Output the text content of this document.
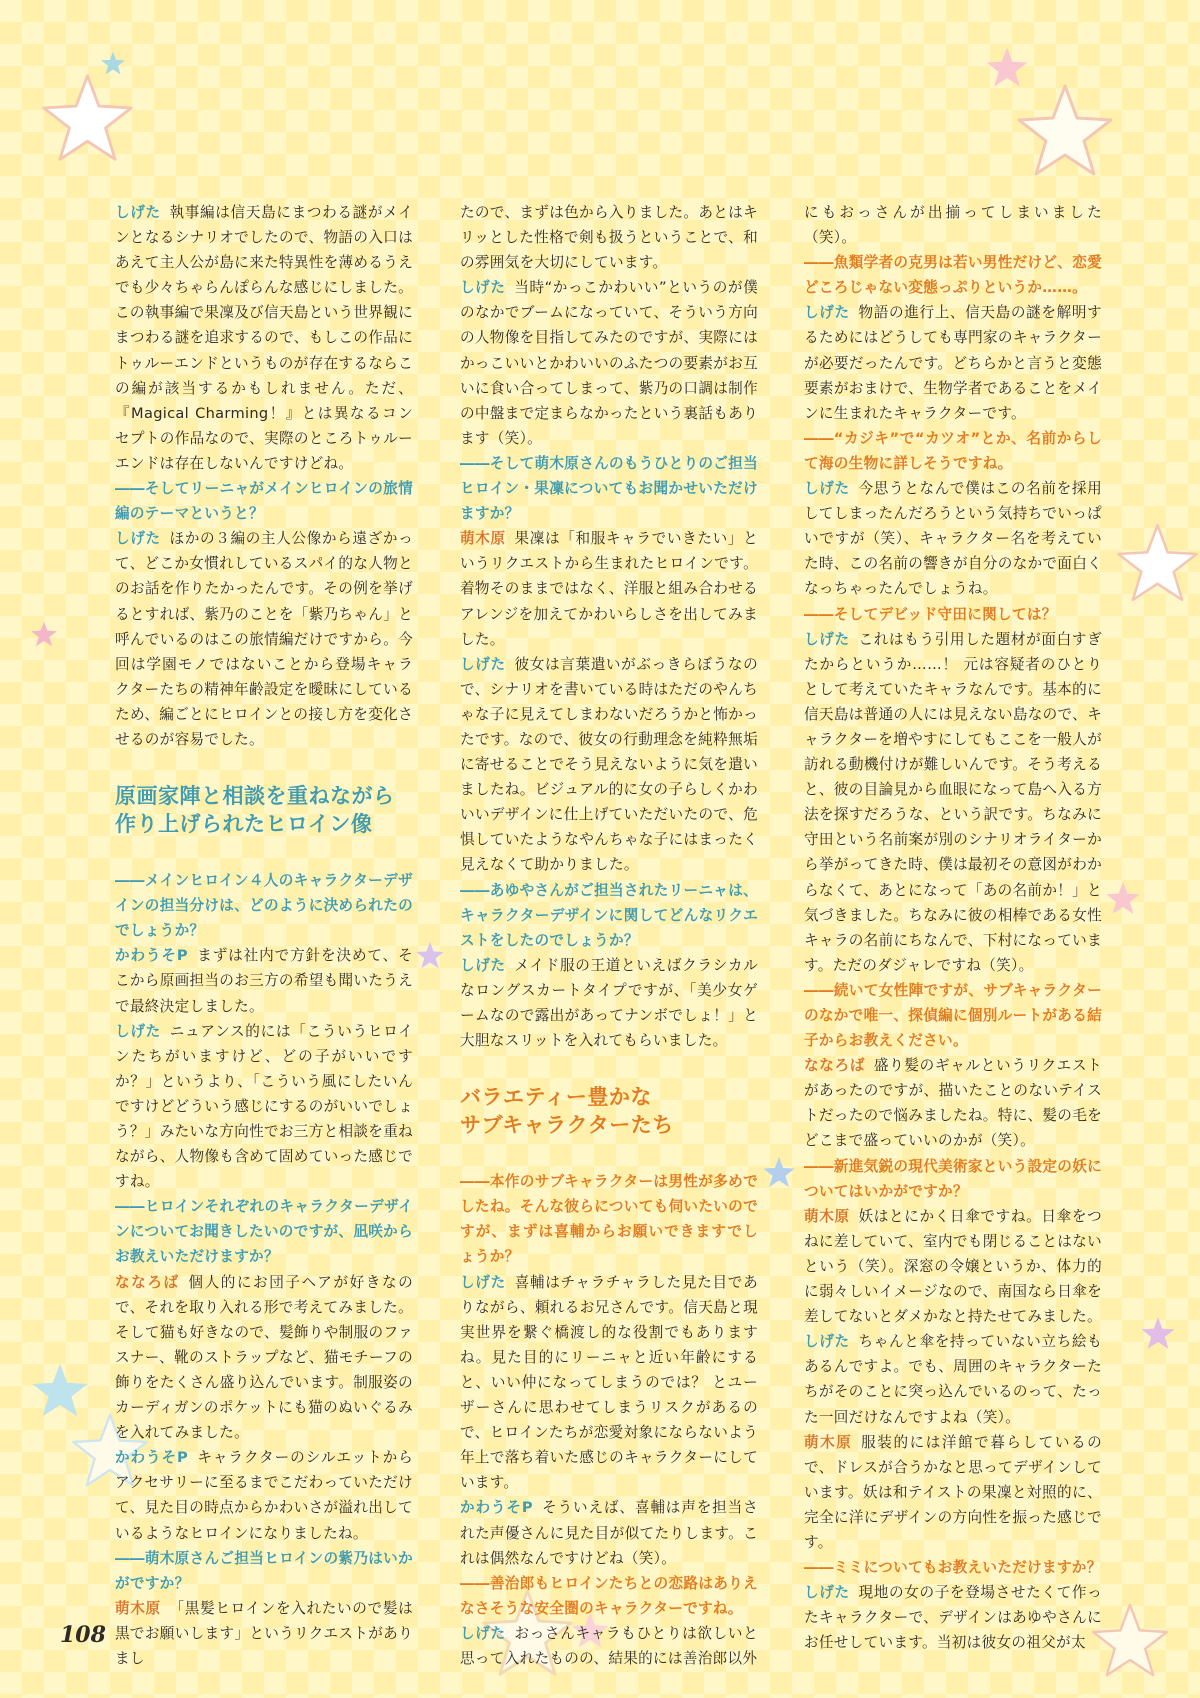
しげた 執事編は信天島にまつわる謎がメインとなるシナリオでしたので、物語の入口はあえて主人公が島に来た特異性を薄めるうえでも少々ちゃらんぽらんな感じにしました。この執事編で果凜及び信天島という世界観にまつわる謎を追求するので、もしこの作品にトゥルーエンドというものが存在するならこの編が該当するかもしれません。ただ、『Magical Charming！』とは異なるコンセプトの作品なので、実際のところトゥルーエンドは存在しないんですけどね。

――そしてリーニャがメインヒロインの旅情編のテーマというと？

しげた ほかの３編の主人公像から遠ざかって、どこか女慣れしているスパイ的な人物とのお話を作りたかったんです。その例を挙げるとすれば、紫乃のことを「紫乃ちゃん」と呼んでいるのはこの旅情編だけですから。今回は学園モノではないことから登場キャラクターたちの精神年齢設定を曖昧にしているため、編ごとにヒロインとの接し方を変化させるのが容易でした。

原画家陣と相談を重ねながら
作り上げられたヒロイン像

――メインヒロイン４人のキャラクターデザインの担当分けは、どのように決められたのでしょうか？

かわうそP まずは社内で方針を決めて、そこから原画担当のお三方の希望も聞いたうえで最終決定しました。

しげた ニュアンス的には「こういうヒロインたちがいますけど、どの子がいいですか？」というより、「こういう風にしたいんですけどどういう感じにするのがいいでしょう？」みたいな方向性でお三方と相談を重ねながら、人物像も含めて固めていった感じですね。

――ヒロインそれぞれのキャラクターデザインについてお聞きしたいのですが、凪咲からお教えいただけますか？

ななろば 個人的にお団子ヘアが好きなので、それを取り入れる形で考えてみました。そして猫も好きなので、髪飾りや制服のファスナー、靴のストラップなど、猫モチーフの飾りをたくさん盛り込んでいます。制服姿のカーディガンのポケットにも猫のぬいぐるみを入れてみました。

かわうそP キャラクターのシルエットからアクセサリーに至るまでこだわっていただけて、見た目の時点からかわいさが溢れ出しているようなヒロインになりましたね。

――萌木原さんご担当ヒロインの紫乃はいかがですか？

萌木原 「黒髪ヒロインを入れたいので髪は黒でお願いします」というリクエストがありまし

たので、まずは色から入りました。あとはキリッとした性格で剣も扱うということで、和の雰囲気を大切にしています。

しげた 当時“かっこかわいい”というのが僕のなかでブームになっていて、そういう方向の人物像を目指してみたのですが、実際にはかっこいいとかわいいのふたつの要素がお互いに食い合ってしまって、紫乃の口調は制作の中盤まで定まらなかったという裏話もあります（笑）。

――そして萌木原さんのもうひとりのご担当ヒロイン・果凜についてもお聞かせいただけますか？

萌木原 果凜は「和服キャラでいきたい」というリクエストから生まれたヒロインです。着物そのままではなく、洋服と組み合わせるアレンジを加えてかわいらしさを出してみました。

しげた 彼女は言葉遣いがぶっきらぼうなので、シナリオを書いている時はただのやんちゃな子に見えてしまわないだろうかと怖かったです。なので、彼女の行動理念を純粋無垢に寄せることでそう見えないように気を遣いましたね。ビジュアル的に女の子らしくかわいいデザインに仕上げていただいたので、危惧していたようなやんちゃな子にはまったく見えなくて助かりました。

――あゆやさんがご担当されたリーニャは、キャラクターデザインに関してどんなリクエストをしたのでしょうか？

しげた メイド服の王道といえばクラシカルなロングスカートタイプですが、「美少女ゲームなので露出があってナンボでしょ！」と大胆なスリットを入れてもらいました。

バラエティー豊かな
サブキャラクターたち

――本作のサブキャラクターは男性が多めでしたね。そんな彼らについても伺いたいのですが、まずは喜輔からお願いできますでしょうか？

しげた 喜輔はチャラチャラした見た目でありながら、頼れるお兄さんです。信天島と現実世界を繋ぐ橋渡し的な役割でもありますね。見た目的にリーニャと近い年齢にすると、いい仲になってしまうのでは？ とユーザーさんに思わせてしまうリスクがあるので、ヒロインたちが恋愛対象にならないよう年上で落ち着いた感じのキャラクターにしています。

かわうそP そういえば、喜輔は声を担当された声優さんに見た目が似てたりします。これは偶然なんですけどね（笑）。

――善治郎もヒロインたちとの恋路はありえなさそうな安全圏のキャラクターですね。

しげた おっさんキャラもひとりは欲しいと思って入れたものの、結果的には善治郎以外

にもおっさんが出揃ってしまいました（笑）。

――魚類学者の克男は若い男性だけど、恋愛どころじゃない変態っぷりというか……。

しげた 物語の進行上、信天島の謎を解明するためにはどうしても専門家のキャラクターが必要だったんです。どちらかと言うと変態要素がおまけで、生物学者であることをメインに生まれたキャラクターです。

――“カジキ”で“カツオ”とか、名前からして海の生物に詳しそうですね。

しげた 今思うとなんで僕はこの名前を採用してしまったんだろうという気持ちでいっぱいですが（笑）、キャラクター名を考えていた時、この名前の響きが自分のなかで面白くなっちゃったんでしょうね。

――そしてデビッド守田に関しては？

しげた これはもう引用した題材が面白すぎたからというか……！ 元は容疑者のひとりとして考えていたキャラなんです。基本的に信天島は普通の人には見えない島なので、キャラクターを増やすにしてもここを一般人が訪れる動機付けが難しいんです。そう考えると、彼の目論見から血眼になって島へ入る方法を探すだろうな、という訳です。ちなみに守田という名前案が別のシナリオライターから挙がってきた時、僕は最初その意図がわからなくて、あとになって「あの名前か！」と気づきました。ちなみに彼の相棒である女性キャラの名前にちなんで、下村になっています。ただのダジャレですね（笑）。

――続いて女性陣ですが、サブキャラクターのなかで唯一、探偵編に個別ルートがある結子からお教えください。

ななろば 盛り髪のギャルというリクエストがあったのですが、描いたことのないテイストだったので悩みましたね。特に、髪の毛をどこまで盛っていいのかが（笑）。

――新進気鋭の現代美術家という設定の妖についてはいかがですか？

萌木原 妖はとにかく日傘ですね。日傘をつねに差していて、室内でも閉じることはないという（笑）。深窓の令嬢というか、体力的に弱々しいイメージなので、南国なら日傘を差してないとダメかなと持たせてみました。

しげた ちゃんと傘を持っていない立ち絵もあるんですよ。でも、周囲のキャラクターたちがそのことに突っ込んでいるのって、たった一回だけなんですよね（笑）。

萌木原 服装的には洋館で暮らしているので、ドレスが合うかなと思ってデザインしています。妖は和テイストの果凜と対照的に、完全に洋にデザインの方向性を振った感じです。

――ミミについてもお教えいただけますか？

しげた 現地の女の子を登場させたくて作ったキャラクターで、デザインはあゆやさんにお任せしています。当初は彼女の祖父が太

108
